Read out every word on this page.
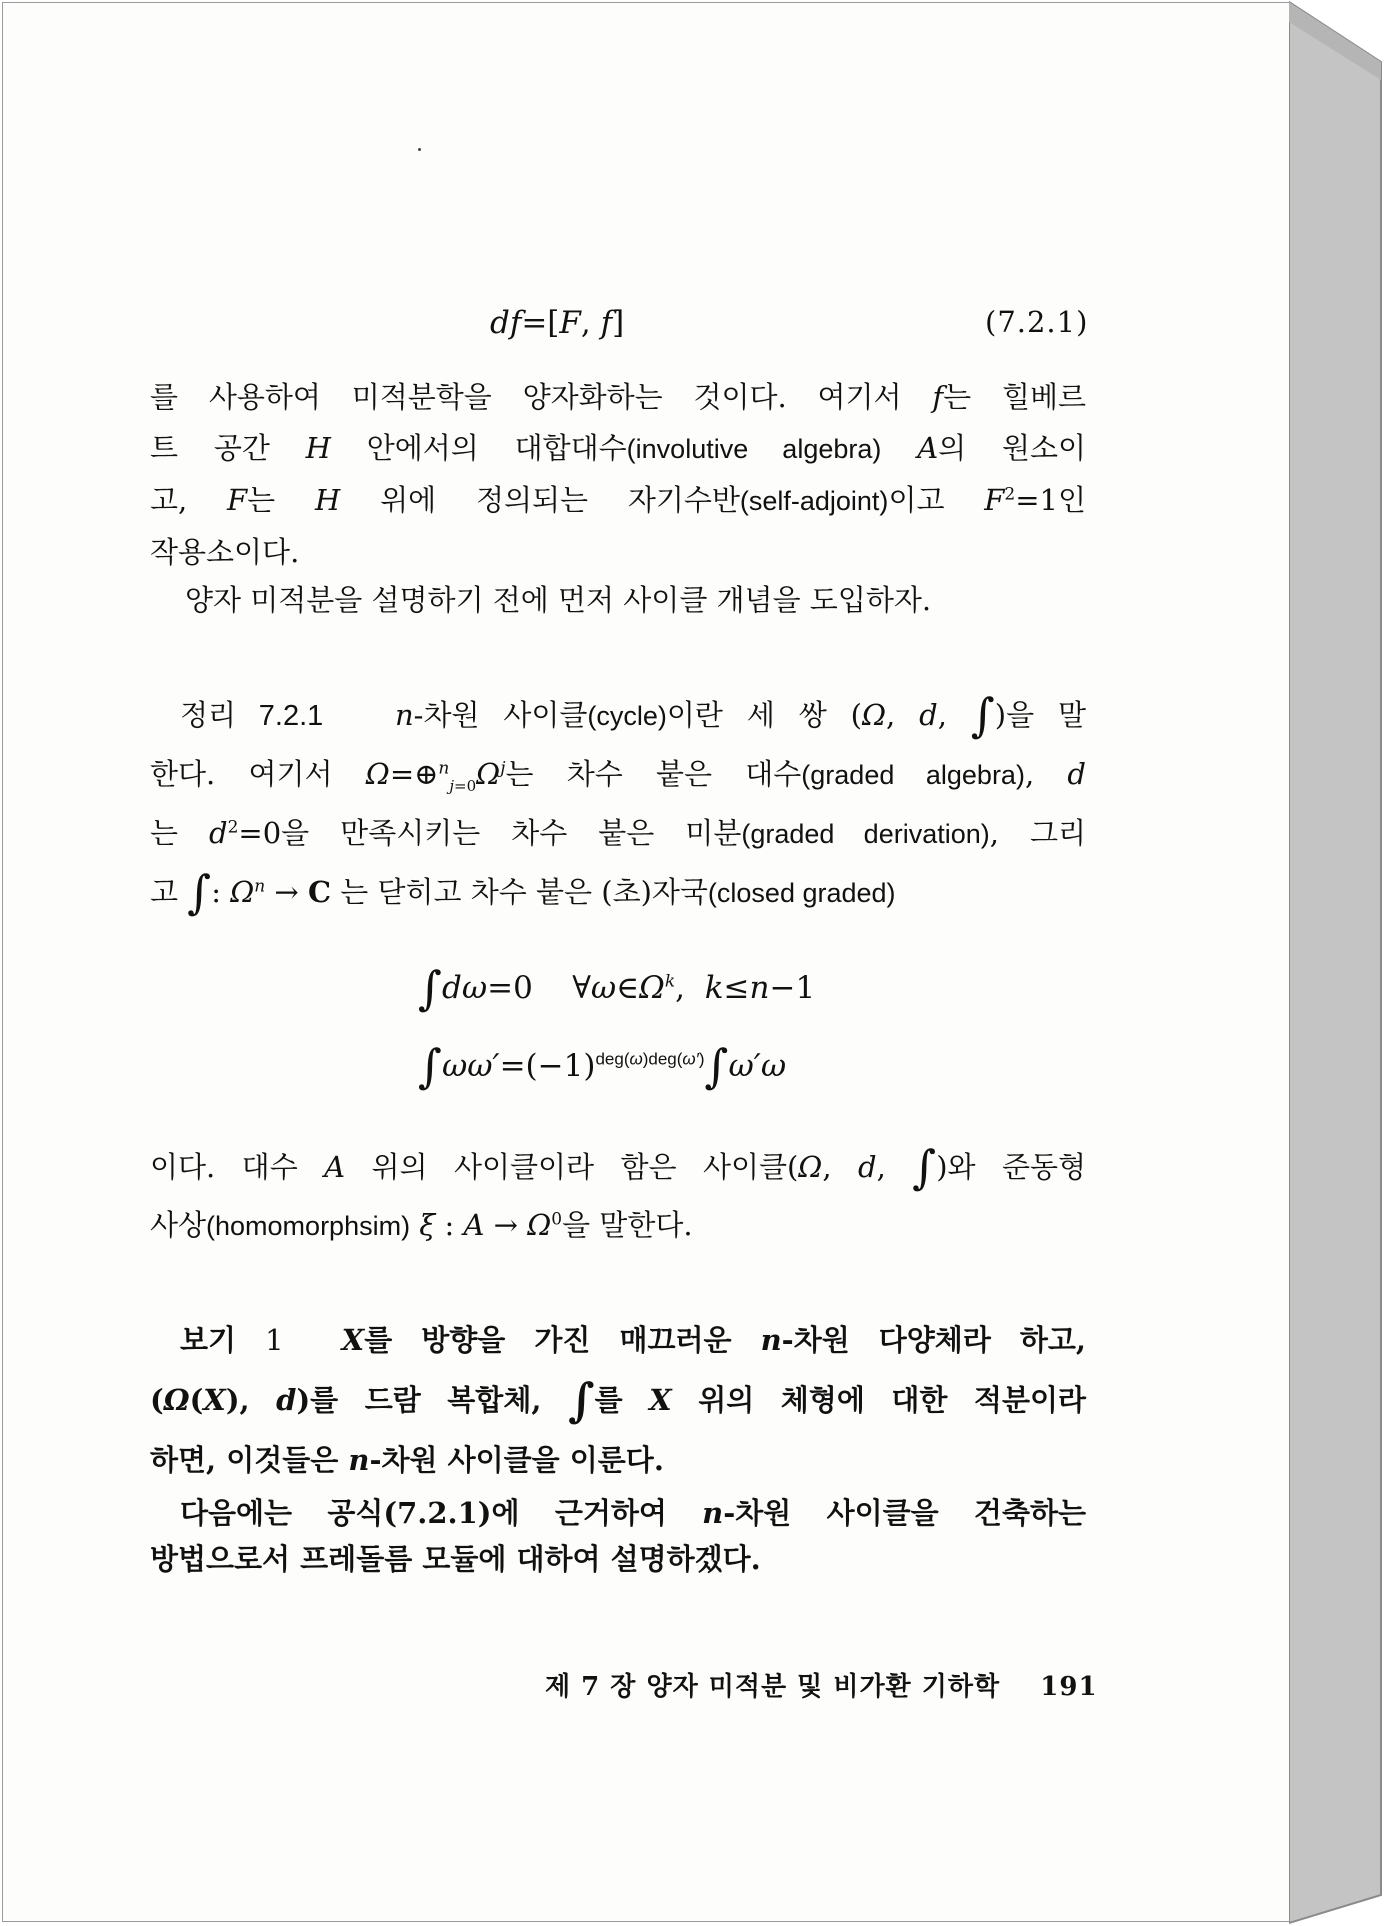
df=[F, f]	(7.2.1)
를 사용하여 미적분학을 양자화하는 것이다. 여기서 f는 힐베르
트 공간 H 안에서의 대합대수(involutive algebra) A의 원소이
고, F는 H 위에 정의되는 자기수반(self-adjoint)이고 $F^2=1$인
작용소이다.
양자 미적분을 설명하기 전에 먼저 사이클 개념을 도입하자.
정리 7.2.1 n-차원 사이클(cycle)이란 세 쌍 (Ω, d, ∫)을 말
한다. 여기서 $\Omega=\oplus^n_{j=0}\Omega^j$는 차수 붙은 대수(graded algebra), d
는 $d^2=0$을 만족시키는 차수 붙은 미분(graded derivation), 그리
고 ∫: $\Omega^n \to C$ 는 닫히고 차수 붙은 (초)자국(closed graded)
∫dω=0    $\forall\omega\in\Omega^k$,  k≤n−1
$\int\omega\omega'=(-1)^{deg(\omega)deg(\omega')}\int\omega'\omega$
이다. 대수 A 위의 사이클이라 함은 사이클(Ω, d, ∫)와 준동형
사상(homomorphsim) ξ : $A \to \Omega^0$을 말한다.
보기 1 X를 방향을 가진 매끄러운 n-차원 다양체라 하고,
(Ω(X), d)를 드람 복합체, ∫를 X 위의 체형에 대한 적분이라
하면, 이것들은 n-차원 사이클을 이룬다.
다음에는 공식(7.2.1)에 근거하여 n-차원 사이클을 건축하는
방법으로서 프레돌름 모듈에 대하여 설명하겠다.
제 7 장 양자 미적분 및 비가환 기하학 191
